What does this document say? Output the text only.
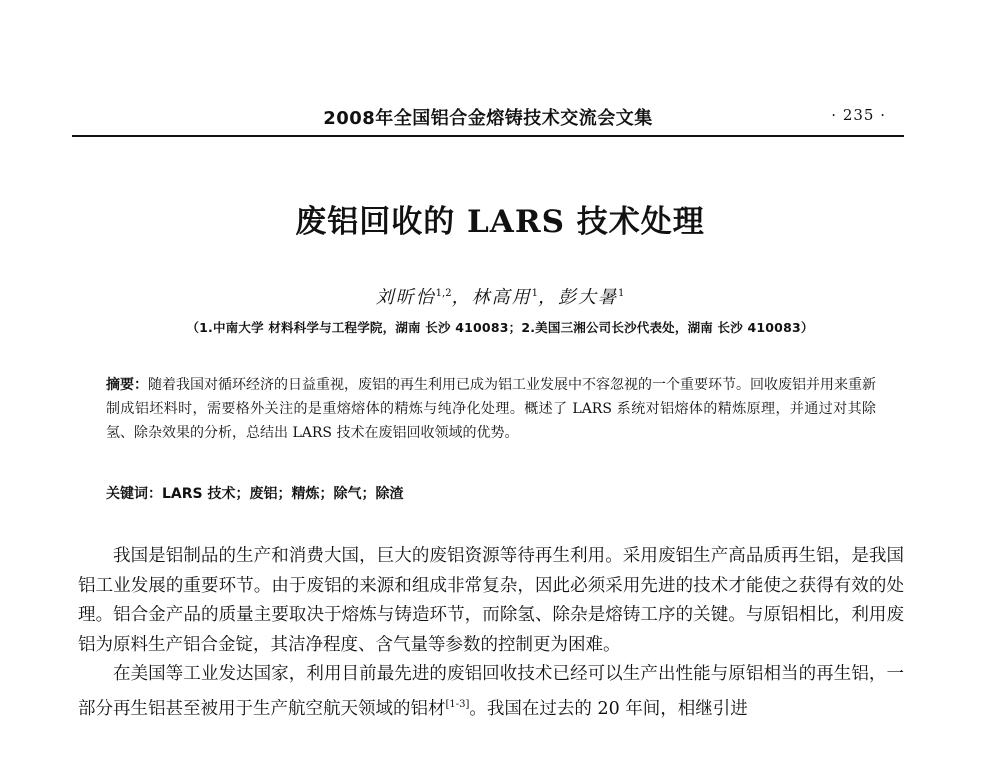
2008年全国铝合金熔铸技术交流会文集	· 235 ·
废铝回收的 LARS 技术处理
刘昕怡$^{1,2}$，林高用$^1$，彭大暑$^1$
（1.中南大学 材料科学与工程学院，湖南 长沙 410083；2.美国三湘公司长沙代表处，湖南 长沙 410083）
摘要：随着我国对循环经济的日益重视，废铝的再生利用已成为铝工业发展中不容忽视的一个重要环节。回收废铝并用来重新制成铝坯料时，需要格外关注的是重熔熔体的精炼与纯净化处理。概述了 LARS 系统对铝熔体的精炼原理，并通过对其除氢、除杂效果的分析，总结出 LARS 技术在废铝回收领域的优势。
关键词：LARS 技术；废铝；精炼；除气；除渣

我国是铝制品的生产和消费大国，巨大的废铝资源等待再生利用。采用废铝生产高品质再生铝，是我国铝工业发展的重要环节。由于废铝的来源和组成非常复杂，因此必须采用先进的技术才能使之获得有效的处理。铝合金产品的质量主要取决于熔炼与铸造环节，而除氢、除杂是熔铸工序的关键。与原铝相比，利用废铝为原料生产铝合金锭，其洁净程度、含气量等参数的控制更为困难。

在美国等工业发达国家，利用目前最先进的废铝回收技术已经可以生产出性能与原铝相当的再生铝，一部分再生铝甚至被用于生产航空航天领域的铝材[1-3]。我国在过去的 20 年间，相继引进
